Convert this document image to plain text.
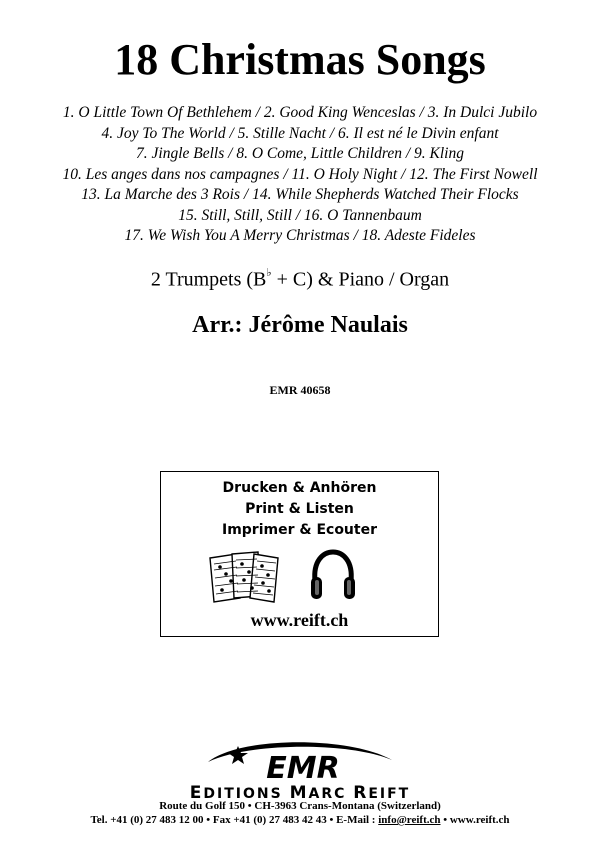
18 Christmas Songs
1. O Little Town Of Bethlehem / 2. Good King Wenceslas / 3. In Dulci Jubilo
4. Joy To The World / 5. Stille Nacht / 6. Il est né le Divin enfant
7. Jingle Bells / 8. O Come, Little Children / 9. Kling
10. Les anges dans nos campagnes / 11. O Holy Night / 12. The First Nowell
13. La Marche des 3 Rois / 14. While Shepherds Watched Their Flocks
15. Still, Still, Still / 16. O Tannenbaum
17. We Wish You A Merry Christmas / 18. Adeste Fideles
2 Trumpets (B♭ + C) & Piano / Organ
Arr.: Jérôme Naulais
EMR 40658
Drucken & Anhören
Print & Listen
Imprimer & Ecouter
www.reift.ch
EMR
EDITIONS MARC REIFT
Route du Golf 150 • CH-3963 Crans-Montana (Switzerland)
Tel. +41 (0) 27 483 12 00 • Fax +41 (0) 27 483 42 43 • E-Mail : info@reift.ch • www.reift.ch
